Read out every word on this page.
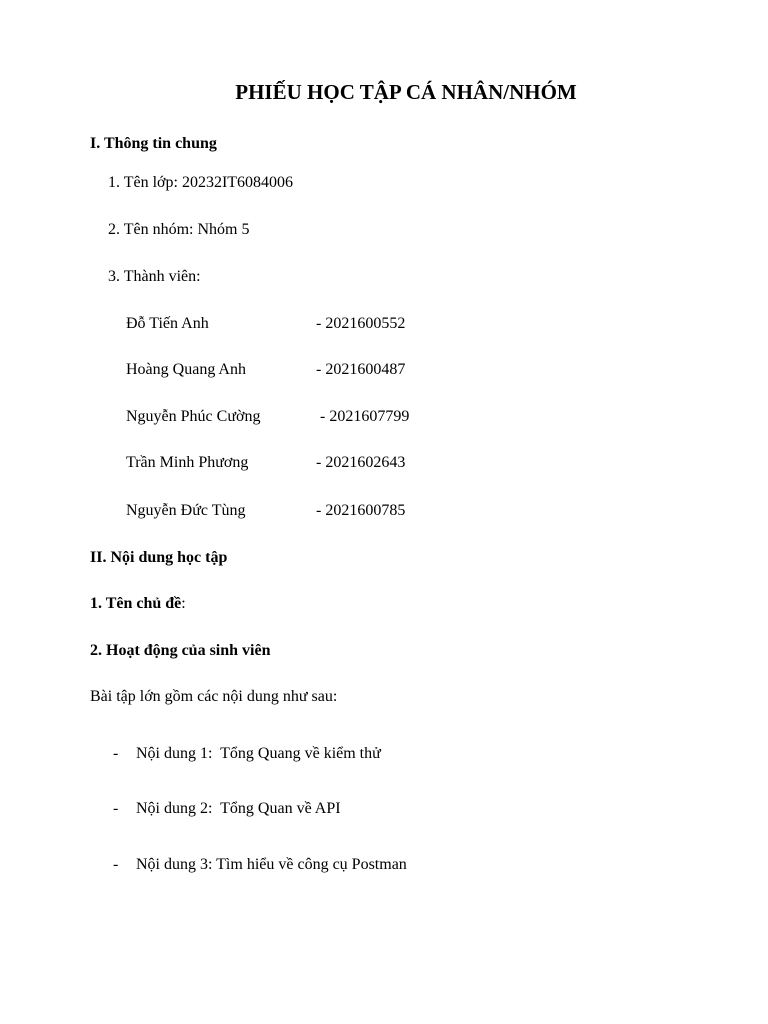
PHIẾU HỌC TẬP CÁ NHÂN/NHÓM
I. Thông tin chung
1. Tên lớp: 20232IT6084006
2. Tên nhóm: Nhóm 5
3. Thành viên:
Đỗ Tiến Anh	- 2021600552
Hoàng Quang Anh	- 2021600487
Nguyễn Phúc Cường	- 2021607799
Trần Minh Phương	- 2021602643
Nguyễn Đức Tùng	- 2021600785
II. Nội dung học tập
1. Tên chủ đề:
2. Hoạt động của sinh viên
Bài tập lớn gồm các nội dung như sau:
- Nội dung 1:  Tổng Quang về kiểm thử
- Nội dung 2:  Tổng Quan về API
- Nội dung 3: Tìm hiểu về công cụ Postman
